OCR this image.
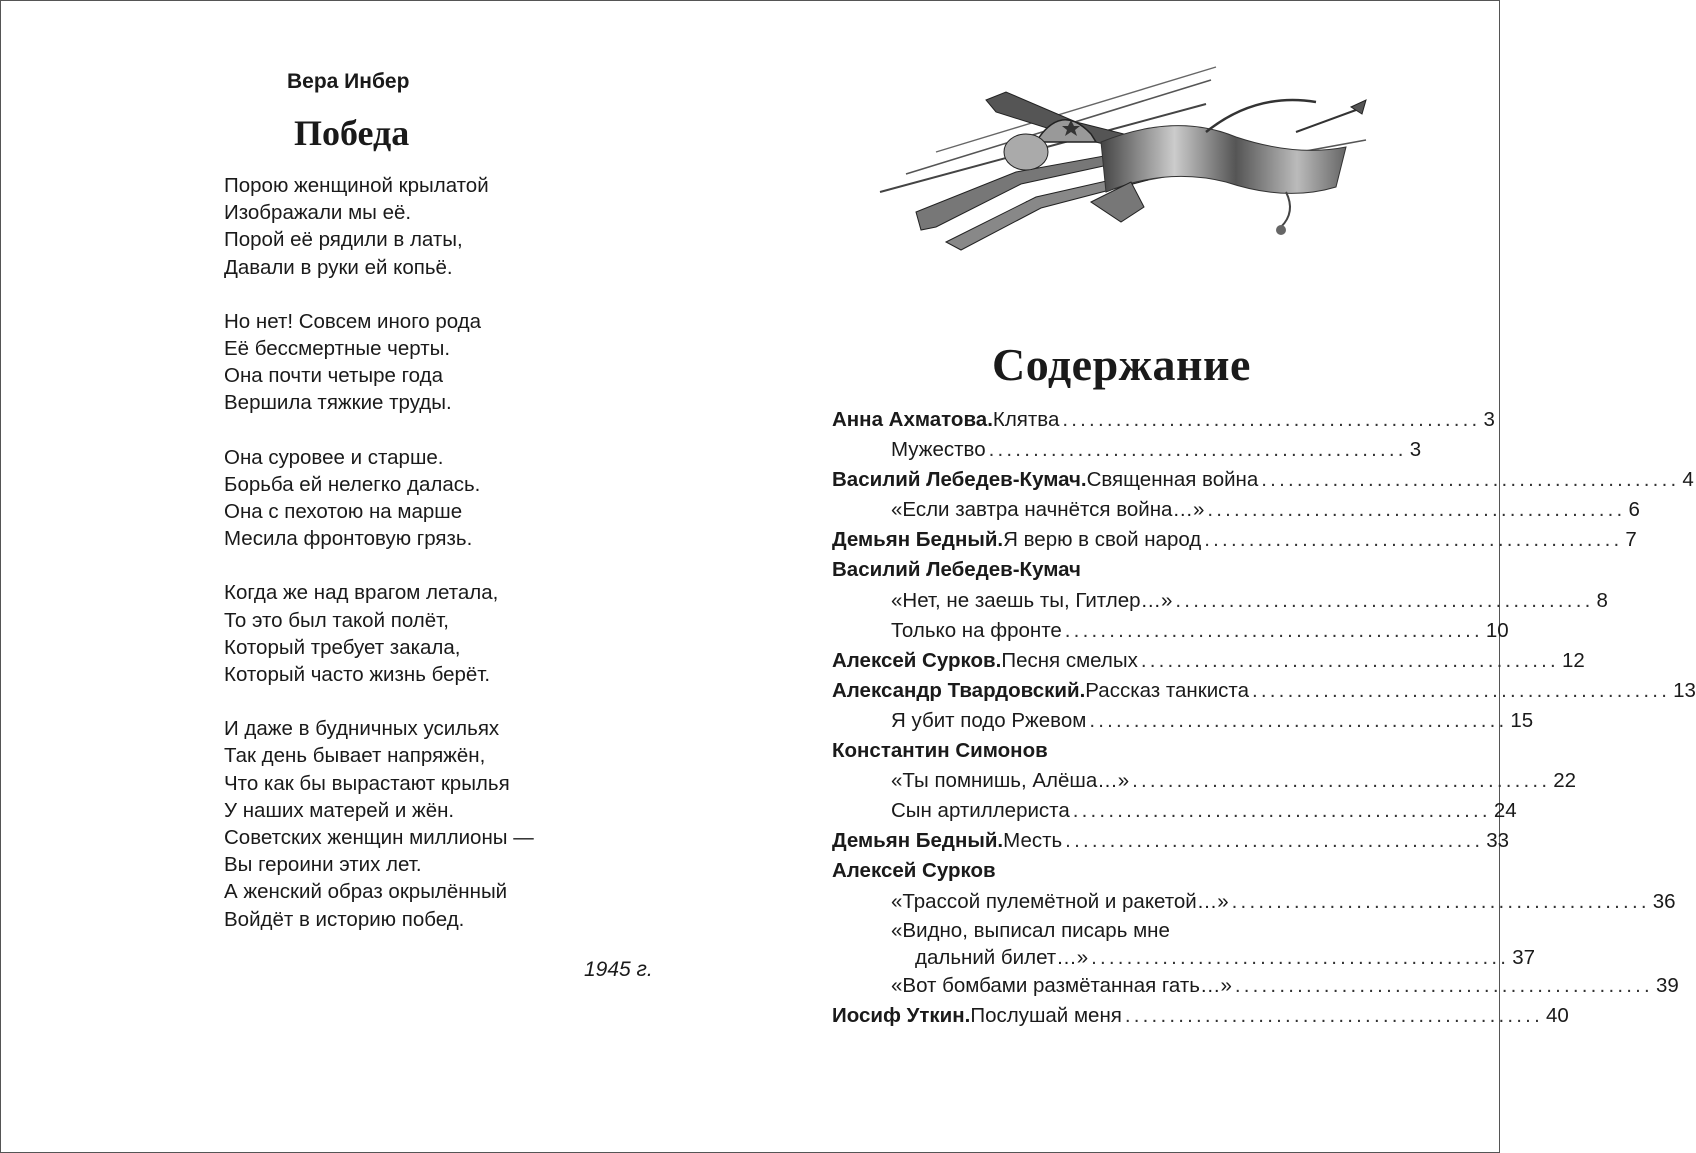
Вера Инбер
Победа
Порою женщиной крылатой
Изображали мы её.
Порой её рядили в латы,
Давали в руки ей копьё.
Но нет! Совсем иного рода
Её бессмертные черты.
Она почти четыре года
Вершила тяжкие труды.
Она суровее и старше.
Борьба ей нелегко далась.
Она с пехотою на марше
Месила фронтовую грязь.
Когда же над врагом летала,
То это был такой полёт,
Который требует закала,
Который часто жизнь берёт.
И даже в будничных усильях
Так день бывает напряжён,
Что как бы вырастают крылья
У наших матерей и жён.
Советских женщин миллионы —
Вы героини этих лет.
А женский образ окрылённый
Войдёт в историю побед.
1945 г.
Содержание
Анна Ахматова. Клятва ............................................... 3
Мужество ............................................... 3
Василий Лебедев-Кумач. Священная война ............................................... 4
«Если завтра начнётся война…» ............................................... 6
Демьян Бедный. Я верю в свой народ ............................................... 7
Василий Лебедев-Кумач
«Нет, не заешь ты, Гитлер…» ............................................... 8
Только на фронте ............................................... 10
Алексей Сурков. Песня смелых ............................................... 12
Александр Твардовский. Рассказ танкиста ............................................... 13
Я убит подо Ржевом ............................................... 15
Константин Симонов
«Ты помнишь, Алёша…» ............................................... 22
Сын артиллериста ............................................... 24
Демьян Бедный. Месть ............................................... 33
Алексей Сурков
«Трассой пулемётной и ракетой…» ............................................... 36
«Видно, выписал писарь мне
дальний билет…» ............................................... 37
«Вот бомбами размётанная гать…» ............................................... 39
Иосиф Уткин. Послушай меня ............................................... 40
